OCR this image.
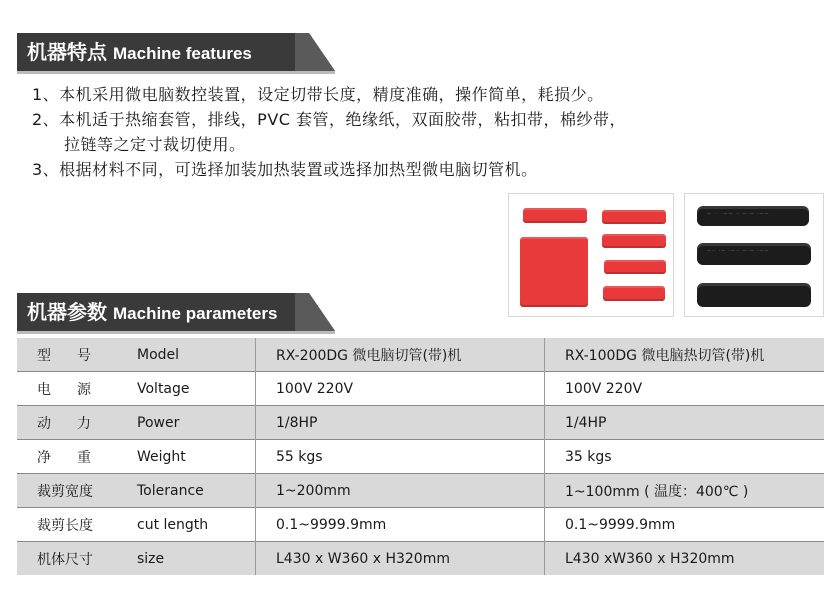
机器特点 Machine features
1、本机采用微电脑数控装置，设定切带长度，精度准确，操作简单，耗损少。
2、本机适于热缩套管，排线，PVC 套管，绝缘纸，双面胶带，粘扣带，棉纱带，
拉链等之定寸裁切使用。
3、根据材料不同，可选择加装加热装置或选择加热型微电脑切管机。
— ·· ·—— ·· —·— ·——
—·· ·— ·—·· —·— ·——
机器参数 Machine parameters
型号	Model	RX-200DG 微电脑切管(带)机	RX-100DG 微电脑热切管(带)机
电源	Voltage	100V 220V	100V 220V
动力	Power	1/8HP	1/4HP
净重	Weight	55 kgs	35 kgs
裁剪宽度	Tolerance	1~200mm	1~100mm ( 温度：400℃ )
裁剪长度	cut length	0.1~9999.9mm	0.1~9999.9mm
机体尺寸	size	L430 x W360 x H320mm	L430 xW360 x H320mm
